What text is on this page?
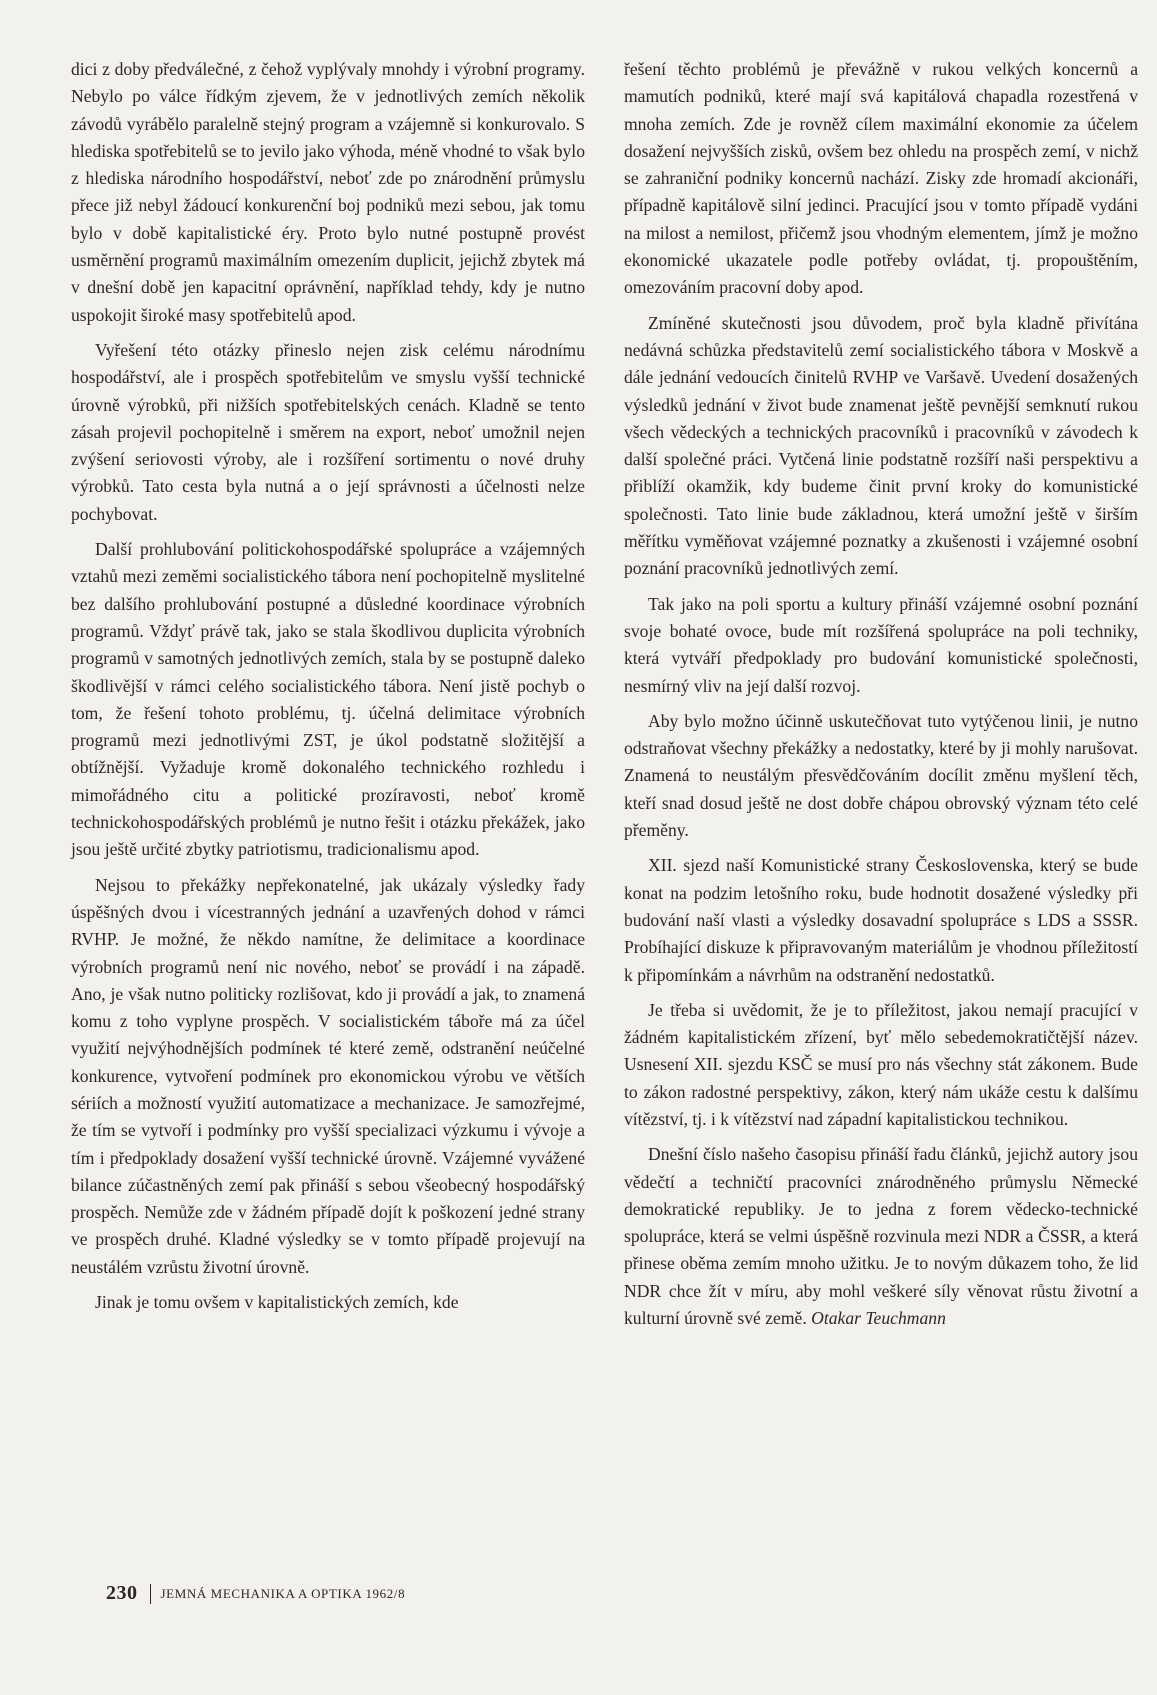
dici z doby předválečné, z čehož vyplývaly mnohdy i výrobní programy. Nebylo po válce řídkým zjevem, že v jednotlivých zemích několik závodů vyrábělo paralelně stejný program a vzájemně si konkurovalo. S hlediska spotřebitelů se to jevilo jako výhoda, méně vhodné to však bylo z hlediska národního hospodářství, neboť zde po znárodnění průmyslu přece již nebyl žádoucí konkurenční boj podniků mezi sebou, jak tomu bylo v době kapitalistické éry. Proto bylo nutné postupně provést usměrnění programů maximálním omezením duplicit, jejichž zbytek má v dnešní době jen kapacitní oprávnění, například tehdy, kdy je nutno uspokojit široké masy spotřebitelů apod.

Vyřešení této otázky přineslo nejen zisk celému národnímu hospodářství, ale i prospěch spotřebitelům ve smyslu vyšší technické úrovně výrobků, při nižších spotřebitelských cenách. Kladně se tento zásah projevil pochopitelně i směrem na export, neboť umožnil nejen zvýšení seriovosti výroby, ale i rozšíření sortimentu o nové druhy výrobků. Tato cesta byla nutná a o její správnosti a účelnosti nelze pochybovat.

Další prohlubování politickohospodářské spolupráce a vzájemných vztahů mezi zeměmi socialistického tábora není pochopitelně myslitelné bez dalšího prohlubování postupné a důsledné koordinace výrobních programů. Vždyť právě tak, jako se stala škodlivou duplicita výrobních programů v samotných jednotlivých zemích, stala by se postupně daleko škodlivější v rámci celého socialistického tábora. Není jistě pochyb o tom, že řešení tohoto problému, tj. účelná delimitace výrobních programů mezi jednotlivými ZST, je úkol podstatně složitější a obtížnější. Vyžaduje kromě dokonalého technického rozhledu i mimořádného citu a politické prozíravosti, neboť kromě technickohospodářských problémů je nutno řešit i otázku překážek, jako jsou ještě určité zbytky patriotismu, tradicionalismu apod.

Nejsou to překážky nepřekonatelné, jak ukázaly výsledky řady úspěšných dvou i vícestranných jednání a uzavřených dohod v rámci RVHP. Je možné, že někdo namítne, že delimitace a koordinace výrobních programů není nic nového, neboť se provádí i na západě. Ano, je však nutno politicky rozlišovat, kdo ji provádí a jak, to znamená komu z toho vyplyne prospěch. V socialistickém táboře má za účel využití nejvýhodnějších podmínek té které země, odstranění neúčelné konkurence, vytvoření podmínek pro ekonomickou výrobu ve větších sériích a možností využití automatizace a mechanizace. Je samozřejmé, že tím se vytvoří i podmínky pro vyšší specializaci výzkumu i vývoje a tím i předpoklady dosažení vyšší technické úrovně. Vzájemné vyvážené bilance zúčastněných zemí pak přináší s sebou všeobecný hospodářský prospěch. Nemůže zde v žádném případě dojít k poškození jedné strany ve prospěch druhé. Kladné výsledky se v tomto případě projevují na neustálém vzrůstu životní úrovně.

Jinak je tomu ovšem v kapitalistických zemích, kde

řešení těchto problémů je převážně v rukou velkých koncernů a mamutích podniků, které mají svá kapitálová chapadla rozestřená v mnoha zemích. Zde je rovněž cílem maximální ekonomie za účelem dosažení nejvyšších zisků, ovšem bez ohledu na prospěch zemí, v nichž se zahraniční podniky koncernů nachází. Zisky zde hromadí akcionáři, případně kapitálově silní jedinci. Pracující jsou v tomto případě vydáni na milost a nemilost, přičemž jsou vhodným elementem, jímž je možno ekonomické ukazatele podle potřeby ovládat, tj. propouštěním, omezováním pracovní doby apod.

Zmíněné skutečnosti jsou důvodem, proč byla kladně přivítána nedávná schůzka představitelů zemí socialistického tábora v Moskvě a dále jednání vedoucích činitelů RVHP ve Varšavě. Uvedení dosažených výsledků jednání v život bude znamenat ještě pevnější semknutí rukou všech vědeckých a technických pracovníků i pracovníků v závodech k další společné práci. Vytčená linie podstatně rozšíří naši perspektivu a přiblíží okamžik, kdy budeme činit první kroky do komunistické společnosti. Tato linie bude základnou, která umožní ještě v širším měřítku vyměňovat vzájemné poznatky a zkušenosti i vzájemné osobní poznání pracovníků jednotlivých zemí.

Tak jako na poli sportu a kultury přináší vzájemné osobní poznání svoje bohaté ovoce, bude mít rozšířená spolupráce na poli techniky, která vytváří předpoklady pro budování komunistické společnosti, nesmírný vliv na její další rozvoj.

Aby bylo možno účinně uskutečňovat tuto vytýčenou linii, je nutno odstraňovat všechny překážky a nedostatky, které by ji mohly narušovat. Znamená to neustálým přesvědčováním docílit změnu myšlení těch, kteří snad dosud ještě ne dost dobře chápou obrovský význam této celé přeměny.

XII. sjezd naší Komunistické strany Československa, který se bude konat na podzim letošního roku, bude hodnotit dosažené výsledky při budování naší vlasti a výsledky dosavadní spolupráce s LDS a SSSR. Probíhající diskuze k připravovaným materiálům je vhodnou příležitostí k připomínkám a návrhům na odstranění nedostatků.

Je třeba si uvědomit, že je to příležitost, jakou nemají pracující v žádném kapitalistickém zřízení, byť mělo sebedemokratičtější název. Usnesení XII. sjezdu KSČ se musí pro nás všechny stát zákonem. Bude to zákon radostné perspektivy, zákon, který nám ukáže cestu k dalšímu vítězství, tj. i k vítězství nad západní kapitalistickou technikou.

Dnešní číslo našeho časopisu přináší řadu článků, jejichž autory jsou vědečtí a techničtí pracovníci znárodněného průmyslu Německé demokratické republiky. Je to jedna z forem vědecko-technické spolupráce, která se velmi úspěšně rozvinula mezi NDR a ČSSR, a která přinese oběma zemím mnoho užitku. Je to novým důkazem toho, že lid NDR chce žít v míru, aby mohl veškeré síly věnovat růstu životní a kulturní úrovně své země. Otakar Teuchmann

230 JEMNÁ MECHANIKA A OPTIKA 1962/8
